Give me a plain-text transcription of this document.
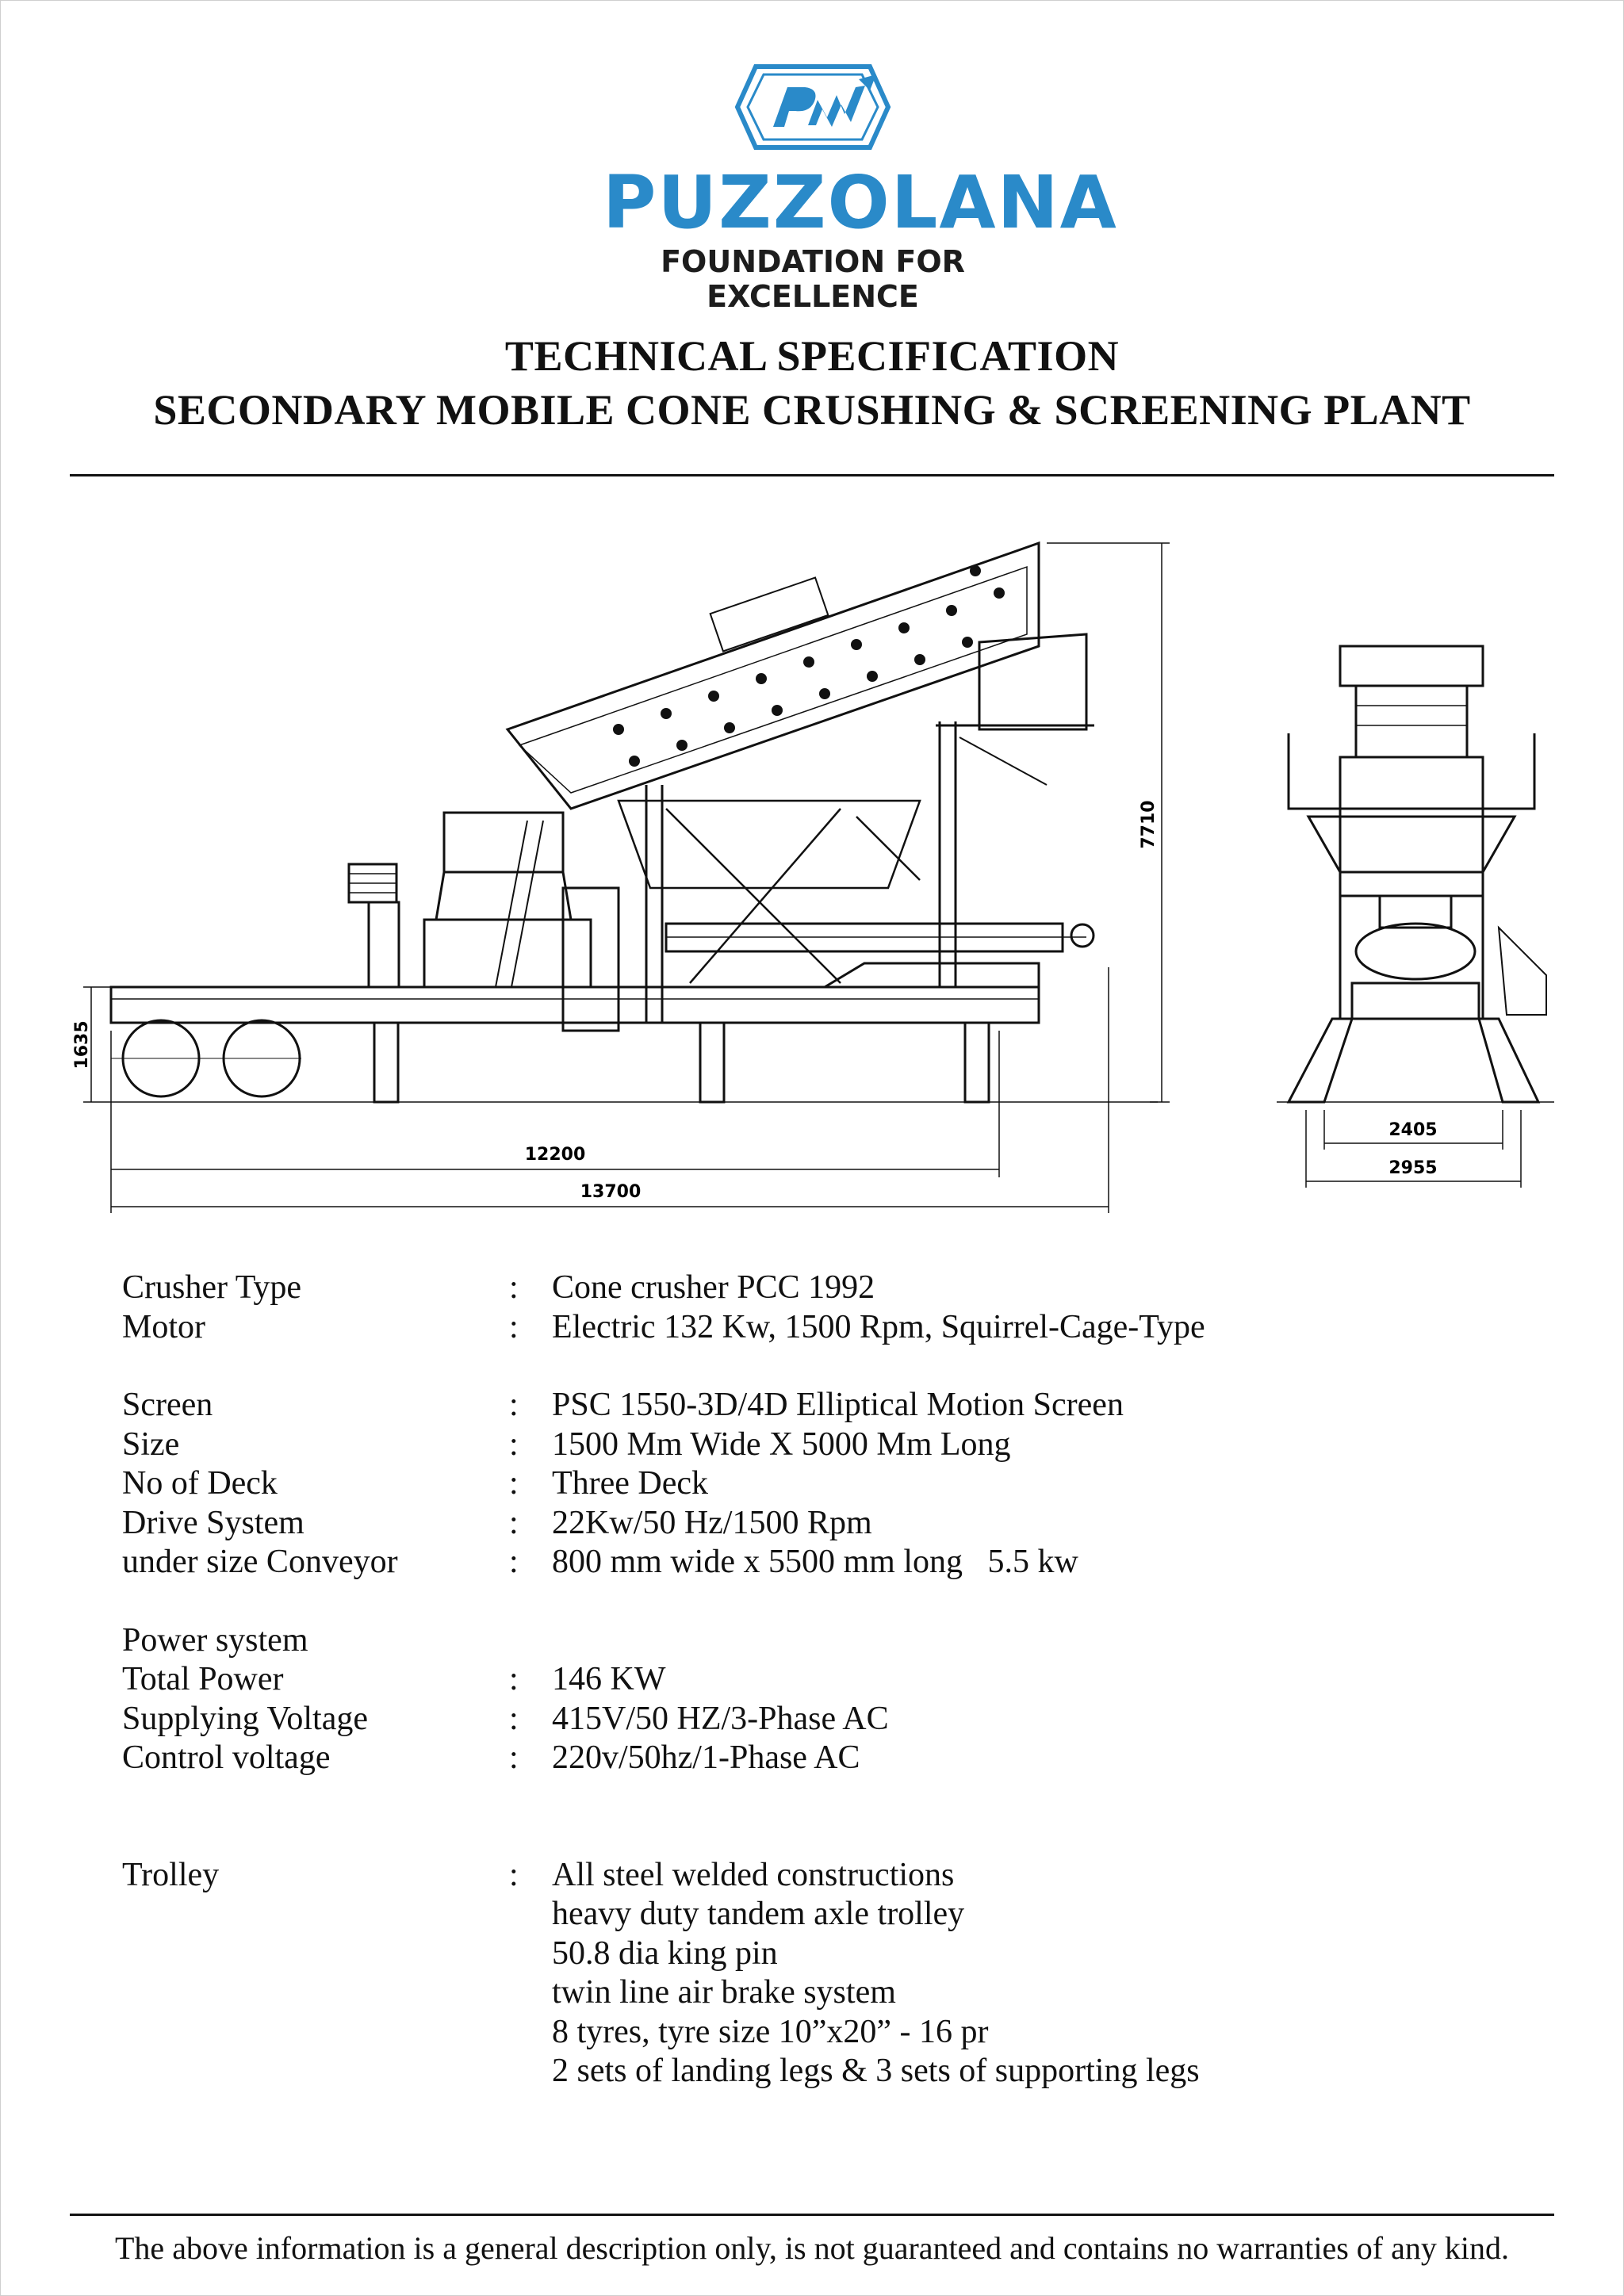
PUZZOLANA
FOUNDATION FOR EXCELLENCE
TECHNICAL SPECIFICATION
SECONDARY MOBILE CONE CRUSHING & SCREENING PLANT
7710
1635
12200
13700
2405
2955
Crusher Type	:	Cone crusher PCC 1992
Motor	:	Electric 132 Kw, 1500 Rpm, Squirrel-Cage-Type
Screen	:	PSC 1550-3D/4D Elliptical Motion Screen
Size	:	1500 Mm Wide X 5000 Mm Long
No of Deck	:	Three Deck
Drive System	:	22Kw/50 Hz/1500 Rpm
under size Conveyor	:	800 mm wide x 5500 mm long   5.5 kw
Power system
Total Power	:	146 KW
Supplying Voltage	:	415V/50 HZ/3-Phase AC
Control voltage	:	220v/50hz/1-Phase AC
Trolley	:	All steel welded constructions
heavy duty tandem axle trolley
50.8 dia king pin
twin line air brake system
8 tyres, tyre size 10”x20” - 16 pr
2 sets of landing legs & 3 sets of supporting legs
The above information is a general description only, is not guaranteed and contains no warranties of any kind.
